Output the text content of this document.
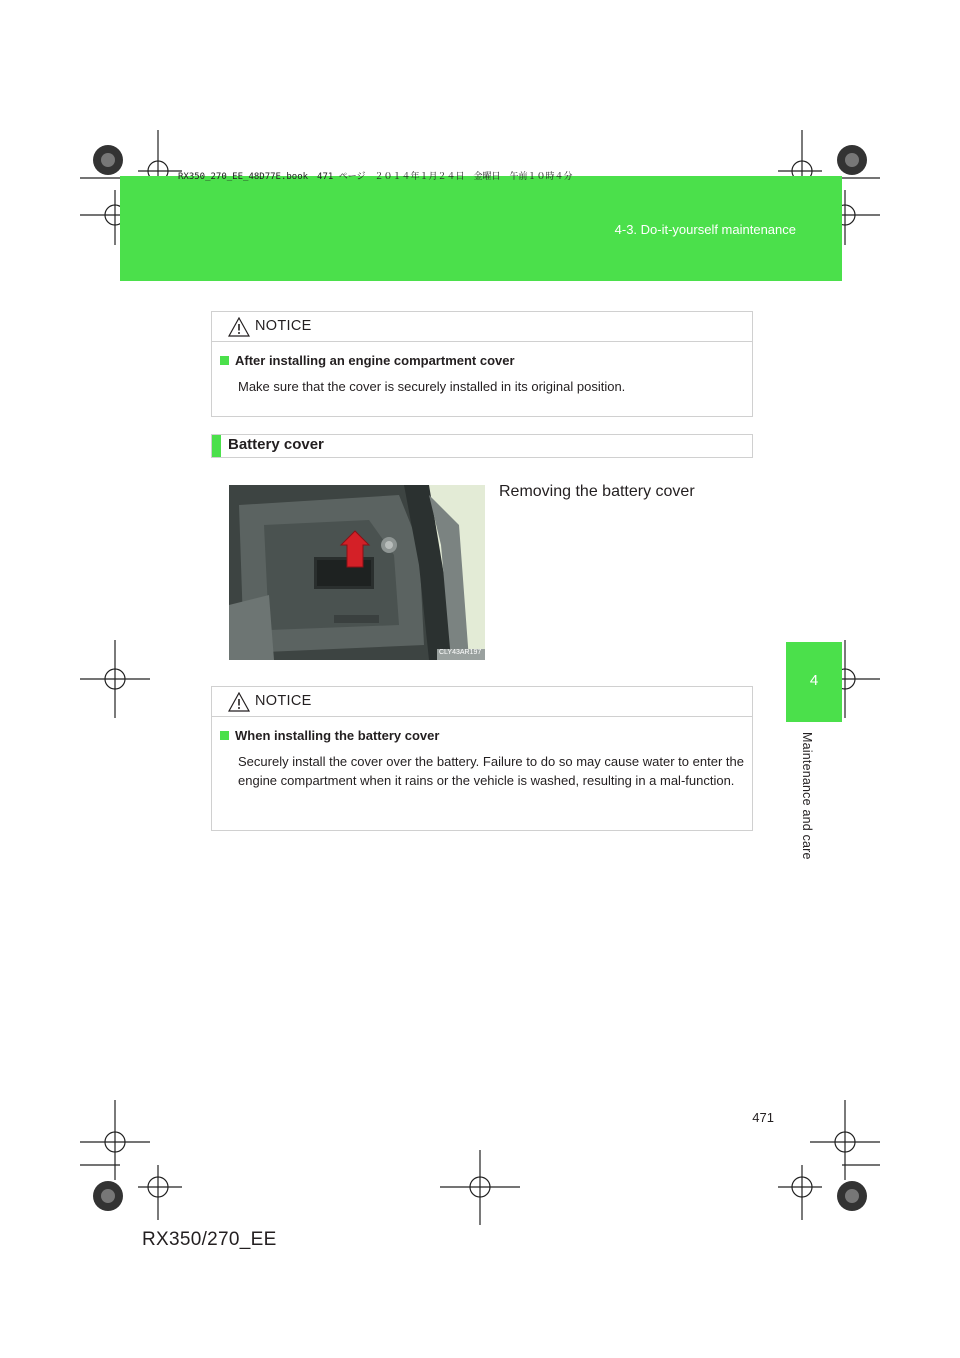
RX350_270_EE_48D77E.book　471 ページ　２０１４年１月２４日　金曜日　午前１０時４分
4-3. Do-it-yourself maintenance
4
Maintenance and care
NOTICE
After installing an engine compartment cover
Make sure that the cover is securely installed in its original position.
Battery cover
CLY43AR197
Removing the battery cover
NOTICE
When installing the battery cover
Securely install the cover over the battery. Failure to do so may cause water to enter the engine compartment when it rains or the vehicle is washed, resulting in a mal-function.
471
RX350/270_EE
